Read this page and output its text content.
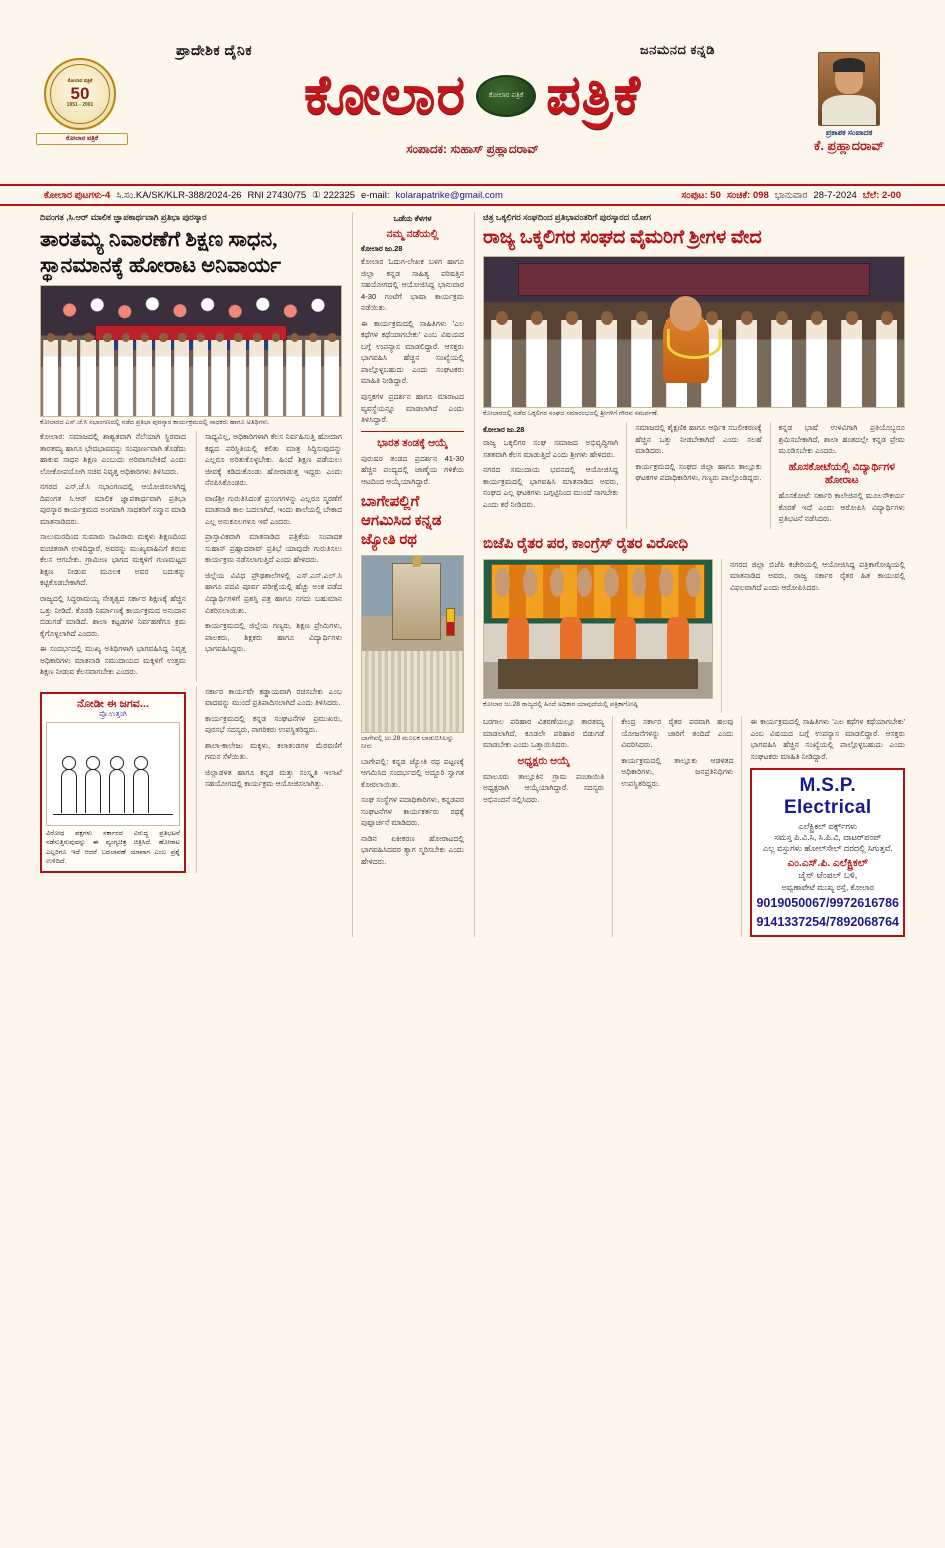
ಕೋಲಾರ ಪತ್ರಿಕೆ
50
1951 - 2001
ಕೋಲಾರ ಪತ್ರಿಕೆ
ಪ್ರಾದೇಶಿಕ ದೈನಿಕ	ಜನಮನದ ಕನ್ನಡಿ
ಕೋಲಾರ	ಕೋಲಾರ ಪತ್ರಿಕೆ ಪತ್ರಿಕೆ
ಸಂಪಾದಕ: ಸುಹಾಸ್ ಪ್ರಹ್ಲಾದರಾವ್
ಪ್ರಕಾಶಕ ಸಂಪಾದಕ
ಕೆ. ಪ್ರಹ್ಲಾದರಾವ್
ಕೋಲಾರ ಪುಟಗಳು-4 ಸಿ.ಸಂ.KA/SK/KLR-388/2024-26 RNI 27430/75 ① 222325 e-mail: kolarapatrike@gmail.com	ಸಂಪುಟ: 50 ಸಂಚಿಕೆ: 098 ಭಾನುವಾರ 28-7-2024 ಬೆಲೆ: 2-00
ದಿವಂಗತ ,ಸಿ.ಆರ್ ಮಾಲಿಕ ಜ್ಞಾಪಕಾರ್ಥವಾಗಿ ಪ್ರತಿಭಾ ಪುರಸ್ಕಾರ
ತಾರತಮ್ಯ ನಿವಾರಣೆಗೆ ಶಿಕ್ಷಣ ಸಾಧನ, ಸ್ಥಾನಮಾನಕ್ಕೆ ಹೋರಾಟ ಅನಿವಾರ್ಯ
ಕೋಲಾರದ ಎಸ್.ಜೆ.ಸಿ ಸಭಾಂಗಣದಲ್ಲಿ ನಡೆದ ಪ್ರತಿಭಾ ಪುರಸ್ಕಾರ ಕಾರ್ಯಕ್ರಮದಲ್ಲಿ ಸಾಧಕರು ಹಾಗೂ ಅತಿಥಿಗಳು.

ಕೋಲಾರ: ಸಮಾಜದಲ್ಲಿ ಶಾಶ್ವತವಾಗಿ ನೆಲೆಯಾಗಿ ಸ್ಥಿರವಾದ ತಾರತಮ್ಯ ಹಾಗೂ ಭೇದಭಾವವನ್ನು ಸಂಪೂರ್ಣವಾಗಿ ತೊಡೆದು ಹಾಕುವ ಸಾಧನ ಶಿಕ್ಷಣ ಎಂಬುದು ಅರಿವಾಗಬೇಕಿದೆ ಎಂದು ಲೋಕೋಪಯೋಗಿ ಸಚಿವ ನಿವೃತ್ತ ಅಧಿಕಾರಿಗಳು ತಿಳಿಸಿದರು.

ನಗರದ ಎಸ್.ಜೆ.ಸಿ ಸಭಾಂಗಣದಲ್ಲಿ ಆಯೋಜಿಸಲಾಗಿದ್ದ ದಿವಂಗತ ಸಿ.ಆರ್ ಮಾಲಿಕ ಜ್ಞಾಪಕಾರ್ಥವಾಗಿ ಪ್ರತಿಭಾ ಪುರಸ್ಕಾರ ಕಾರ್ಯಕ್ರಮದ ಅಂಗವಾಗಿ ಸಾಧಕರಿಗೆ ಸನ್ಮಾನ ಮಾಡಿ ಮಾತನಾಡಿದರು.

ಸಾಲುಮರದಿಂದ ಸುಮಾರು ಸಾವಿರಾರು ಮಕ್ಕಳು ಶಿಕ್ಷಣದಿಂದ ವಂಚಿತರಾಗಿ ಉಳಿದಿದ್ದಾರೆ, ಅವರನ್ನು ಮುಖ್ಯವಾಹಿನಿಗೆ ತರುವ ಕೆಲಸ ಆಗಬೇಕು. ಗ್ರಾಮೀಣ ಭಾಗದ ಮಕ್ಕಳಿಗೆ ಗುಣಮಟ್ಟದ ಶಿಕ್ಷಣ ನೀಡುವ ಮೂಲಕ ಅವರ ಬದುಕನ್ನು ಕಟ್ಟಿಕೊಡಬೇಕಾಗಿದೆ.

ರಾಜ್ಯದಲ್ಲಿ ಸಿದ್ಧರಾಮಯ್ಯ ನೇತೃತ್ವದ ಸರ್ಕಾರ ಶಿಕ್ಷಣಕ್ಕೆ ಹೆಚ್ಚಿನ ಒತ್ತು ನೀಡಿದೆ. ಕೊಠಡಿ ನಿರ್ಮಾಣಕ್ಕೆ ಕಾರ್ಯಕ್ರಮದ ಅನುದಾನ ಬಿಡುಗಡೆ ಮಾಡಿದೆ. ಶಾಲಾ ಕಟ್ಟಡಗಳ ನಿರ್ವಹಣೆಗೂ ಕ್ರಮ ಕೈಗೊಳ್ಳಲಾಗಿದೆ ಎಂದರು.

ಈ ಸಂದರ್ಭದಲ್ಲಿ ಮುಖ್ಯ ಅತಿಥಿಗಳಾಗಿ ಭಾಗವಹಿಸಿದ್ದ ನಿವೃತ್ತ ಅಧಿಕಾರಿಗಳು ಮಾತನಾಡಿ ಸಮುದಾಯದ ಮಕ್ಕಳಿಗೆ ಉತ್ತಮ ಶಿಕ್ಷಣ ನೀಡುವ ಕೆಲಸವಾಗಬೇಕು ಎಂದರು.

ಸಾಧ್ಯವಿಲ್ಲ, ಅಧಿಕಾರಿಗಳಾಗಿ ಕೆಲಸ ನಿರ್ವಹಿಸುತ್ತಿ ಹೋದಾಗ ಕಷ್ಟದ ಪರಿಸ್ಥಿತಿಯಲ್ಲಿ ಕಲಿತು ಮಾತ್ರ ಸಿದ್ಧಿಸುವುದನ್ನು ಎಲ್ಲರೂ ಅರಿತುಕೊಳ್ಳಬೇಕು. ಹಿಂದೆ ಶಿಕ್ಷಣ ಪಡೆಯಲು ಜೀವಕ್ಕೆ ಕಡಿದುಕೊಂಡು ಹೋರಾಡುತ್ತ ಇದ್ದರು ಎಂದು ನೆನಪಿಸಿಕೊಂಡರು.

ವಾಣಿಶ್ರೀ ಗುರುತಿಸಿದಂತೆ ಪ್ರಸಂಗಗಳನ್ನು ಎಲ್ಲರೂ ಸ್ಮರಣೆಗೆ ಮಾತನಾಡಿ ಕಾಲ ಬದಲಾಗಿದೆ, ಇಂದು ಶಾಲೆಯಲ್ಲಿ ಬೇಕಾದ ಎಲ್ಲ ಅನುಕೂಲಗಳೂ ಇವೆ ಎಂದರು.

ಪ್ರಾಸ್ತಾವಿಕವಾಗಿ ಮಾತನಾಡಿದ ಪತ್ರಿಕೆಯ ಸಂಪಾದಕ ಸುಹಾಸ್ ಪ್ರಹ್ಲಾದರಾವ್ ಪ್ರತಿಭೆ ಯಾವುದೇ ಗುರುತಿಸಲು ಕಾರ್ಯಕ್ರಮ ನಡೆಸಲಾಗುತ್ತಿದೆ ಎಂದು ಹೇಳಿದರು.

ಜಿಲ್ಲೆಯ ವಿವಿಧ ಪ್ರೌಢಶಾಲೆಗಳಲ್ಲಿ ಎಸ್.ಎಸ್.ಎಲ್.ಸಿ ಹಾಗೂ ಪದವಿ ಪೂರ್ವ ಪರೀಕ್ಷೆಯಲ್ಲಿ ಹೆಚ್ಚು ಅಂಕ ಪಡೆದ ವಿದ್ಯಾರ್ಥಿಗಳಿಗೆ ಪ್ರಶಸ್ತಿ ಪತ್ರ ಹಾಗೂ ನಗದು ಬಹುಮಾನ ವಿತರಿಸಲಾಯಿತು.

ಕಾರ್ಯಕ್ರಮದಲ್ಲಿ ಜಿಲ್ಲೆಯ ಗಣ್ಯರು, ಶಿಕ್ಷಣ ಪ್ರೇಮಿಗಳು, ಪಾಲಕರು, ಶಿಕ್ಷಕರು ಹಾಗೂ ವಿದ್ಯಾರ್ಥಿಗಳು ಭಾಗವಹಿಸಿದ್ದರು.

ನೋಡೀ ಈ ಜಗವ...
ಪ್ರೊ.ಉತ್ತಂಗಿ
ವಿರೋಧ ಪಕ್ಷಗಳು ಸರ್ಕಾರದ ವಿರುದ್ಧ ಪ್ರತಿಭಟನೆ ನಡೆಸುತ್ತಿರುವುದನ್ನು ಈ ವ್ಯಂಗ್ಯಚಿತ್ರ ಚಿತ್ರಿಸಿದೆ. ಹೋರಾಟ ಎಲ್ಲರಿಗೂ ಇದೆ ಆದರೆ ಬದಲಾವಣೆ ಯಾವಾಗ ಎಂಬ ಪ್ರಶ್ನೆ ಉಳಿದಿದೆ.

ಸರ್ಕಾರ ಕಾರ್ಯವೇ ಕಡ್ಡಾಯವಾಗಿ ರಚಿಸಬೇಕು ಎಂಬ ವಾದವನ್ನು ಮುಂದೆ ಪ್ರತಿಪಾದಿಸಲಾಗಿದೆ ಎಂದು ತಿಳಿಸಿದರು.

ಕಾರ್ಯಕ್ರಮದಲ್ಲಿ ಕನ್ನಡ ಸಂಘಟನೆಗಳ ಪ್ರಮುಖರು, ಪುರಸಭೆ ಸದಸ್ಯರು, ನಾಗರಿಕರು ಉಪಸ್ಥಿತರಿದ್ದರು.

ಶಾಲಾ-ಕಾಲೇಜು ಮಕ್ಕಳು, ಕಲಾತಂಡಗಳ ಮೆರವಣಿಗೆ ಗಮನ ಸೆಳೆಯಿತು.

ಜಿಲ್ಲಾಡಳಿತ ಹಾಗೂ ಕನ್ನಡ ಮತ್ತು ಸಂಸ್ಕೃತಿ ಇಲಾಖೆ ಸಹಯೋಗದಲ್ಲಿ ಕಾರ್ಯಕ್ರಮ ಆಯೋಜಿಸಲಾಗಿತ್ತು.

ಒಡೆಯ ಕೆಳಗಳ
ನಮ್ಮ ನಡೆಯಲ್ಲಿ
ಕೋಲಾರ ಜು.28

ಕೋಲಾರ ಓದುಗ-ಲೇಖಕ ಬಳಗ ಹಾಗೂ ಜಿಲ್ಲಾ ಕನ್ನಡ ಸಾಹಿತ್ಯ ಪರಿಷತ್ತಿನ ಸಹಯೋಗದಲ್ಲಿ ಆಯೋಜಿಸಿದ್ದ ಭಾನುವಾರ 4-30 ಗಂಟೆಗೆ ಭಾಷಾ ಕಾರ್ಯಕ್ರಮ ನಡೆಯಿತು.

ಈ ಕಾರ್ಯಕ್ರಮದಲ್ಲಿ ಸಾಹಿತಿಗಳು 'ಎಲ ಕಥೆಗಳ ಕಥೆಯಾಗಬೇಕು' ಎಂಬ ವಿಷಯದ ಬಗ್ಗೆ ಉಪನ್ಯಾಸ ಮಾಡಲಿದ್ದಾರೆ. ಆಸಕ್ತರು ಭಾಗವಹಿಸಿ ಹೆಚ್ಚಿನ ಸಂಖ್ಯೆಯಲ್ಲಿ ಪಾಲ್ಗೊಳ್ಳಬಹುದು ಎಂದು ಸಂಘಟಕರು ಮಾಹಿತಿ ನೀಡಿದ್ದಾರೆ.

ಪುಸ್ತಕಗಳ ಪ್ರದರ್ಶನ ಹಾಗೂ ಮಾರಾಟದ ವ್ಯವಸ್ಥೆಯನ್ನೂ ಮಾಡಲಾಗಿದೆ ಎಂದು ತಿಳಿಸಿದ್ದಾರೆ.

ಭಾರತ ತಂಡಕ್ಕೆ ಆಯ್ಕೆ

ಪುರುಷರ ತಂಡದ ಪ್ರದರ್ಶನ 41-30 ಹೆಚ್ಚಿನ ಪಂದ್ಯದಲ್ಲಿ ಜಾಣ್ಮೆಯ ಗಳಿಕೆಯ ಆಟದಿಂದ ಆಯ್ಕೆಯಾಗಿದ್ದಾರೆ.

ಬಾಗೇಪಲ್ಲಿಗೆ ಆಗಮಿಸಿದ ಕನ್ನಡ ಜ್ಯೋತಿ ರಥ
ಬಾಗೇಪಲ್ಲಿ ಜು.28 ಮೂಲಕ ಬಾಡುಬಿಸಿಲನ್ನು ನೀರು

ಬಾಗೇಪಲ್ಲಿ: ಕನ್ನಡ ಜ್ಯೋತಿ ರಥ ಪಟ್ಟಣಕ್ಕೆ ಆಗಮಿಸಿದ ಸಂದರ್ಭದಲ್ಲಿ ಅದ್ದೂರಿ ಸ್ವಾಗತ ಕೋರಲಾಯಿತು.

ಸಂಘ ಸಂಸ್ಥೆಗಳ ಪದಾಧಿಕಾರಿಗಳು, ಕನ್ನಡಪರ ಸಂಘಟನೆಗಳ ಕಾರ್ಯಕರ್ತರು ರಥಕ್ಕೆ ಪುಷ್ಪಾರ್ಚನೆ ಮಾಡಿದರು.

ನಾಡಿನ ಏಕೀಕರಣ ಹೋರಾಟದಲ್ಲಿ ಭಾಗವಹಿಸಿದವರ ತ್ಯಾಗ ಸ್ಮರಿಸಬೇಕು ಎಂದು ಹೇಳಿದರು.

ಚಿತ್ರ ಒಕ್ಕಲಿಗರ ಸಂಘದಿಂದ ಪ್ರತಿಭಾವಂತರಿಗೆ ಪುರಸ್ಕಾರದ ಯೋಗ
ರಾಜ್ಯ ಒಕ್ಕಲಿಗರ ಸಂಘದ ವೈಮರಿಗೆ ಶ್ರೀಗಳ ವೇದ
ಕೋಲಾರದಲ್ಲಿ ನಡೆದ ಒಕ್ಕಲಿಗರ ಸಂಘದ ಸಮಾರಂಭದಲ್ಲಿ ಶ್ರೀಗಳಿಗೆ ಗೌರವ ಸಮರ್ಪಣೆ.
ಕೋಲಾರ ಜು.28

ರಾಜ್ಯ ಒಕ್ಕಲಿಗರ ಸಂಘ ಸಮಾಜದ ಅಭಿವೃದ್ಧಿಗಾಗಿ ಸತತವಾಗಿ ಕೆಲಸ ಮಾಡುತ್ತಿದೆ ಎಂದು ಶ್ರೀಗಳು ಹೇಳಿದರು.

ನಗರದ ಸಮುದಾಯ ಭವನದಲ್ಲಿ ಆಯೋಜಿಸಿದ್ದ ಕಾರ್ಯಕ್ರಮದಲ್ಲಿ ಭಾಗವಹಿಸಿ ಮಾತನಾಡಿದ ಅವರು, ಸಂಘದ ಎಲ್ಲ ಘಟಕಗಳು ಒಗ್ಗಟ್ಟಿನಿಂದ ಮುಂದೆ ಸಾಗಬೇಕು ಎಂದು ಕರೆ ನೀಡಿದರು.

ಸಮಾಜದಲ್ಲಿ ಶೈಕ್ಷಣಿಕ ಹಾಗೂ ಆರ್ಥಿಕ ಸಬಲೀಕರಣಕ್ಕೆ ಹೆಚ್ಚಿನ ಒತ್ತು ನೀಡಬೇಕಾಗಿದೆ ಎಂದು ಸಲಹೆ ಮಾಡಿದರು.

ಕಾರ್ಯಕ್ರಮದಲ್ಲಿ ಸಂಘದ ಜಿಲ್ಲಾ ಹಾಗೂ ತಾಲ್ಲೂಕು ಘಟಕಗಳ ಪದಾಧಿಕಾರಿಗಳು, ಗಣ್ಯರು ಪಾಲ್ಗೊಂಡಿದ್ದರು.

ಕನ್ನಡ ಭಾಷೆ ಉಳಿವಿಗಾಗಿ ಪ್ರತಿಯೊಬ್ಬರೂ ಶ್ರಮಿಸಬೇಕಾಗಿದೆ, ಶಾಲಾ ಹಂತದಲ್ಲೇ ಕನ್ನಡ ಪ್ರೇಮ ಮೂಡಿಸಬೇಕು ಎಂದರು.

ಹೊಸಕೋಟೆಯಲ್ಲಿ ವಿದ್ಯಾರ್ಥಿಗಳ ಹೋರಾಟ

ಹೊಸಕೋಟೆ: ಸರ್ಕಾರಿ ಕಾಲೇಜಿನಲ್ಲಿ ಮೂಲಸೌಕರ್ಯ ಕೊರತೆ ಇದೆ ಎಂದು ಆರೋಪಿಸಿ ವಿದ್ಯಾರ್ಥಿಗಳು ಪ್ರತಿಭಟನೆ ನಡೆಸಿದರು.

ಬಿಜೆಪಿ ರೈತರ ಪರ, ಕಾಂಗ್ರೆಸ್ ರೈತರ ವಿರೋಧಿ
ಕೋಲಾರ ಜು.28 ರಾಜ್ಯದಲ್ಲಿ ಹಿಂದೆ ಅಧಿಕಾರ ಯಾವುದೆಯಲ್ಲಿ ಪತ್ರಿಕಾಗೋಷ್ಠಿ

ನಗರದ ಜಿಲ್ಲಾ ಬಿಜೆಪಿ ಕಚೇರಿಯಲ್ಲಿ ಆಯೋಜಿಸಿದ್ದ ಪತ್ರಿಕಾಗೋಷ್ಠಿಯಲ್ಲಿ ಮಾತನಾಡಿದ ಅವರು, ರಾಜ್ಯ ಸರ್ಕಾರ ರೈತರ ಹಿತ ಕಾಯುವಲ್ಲಿ ವಿಫಲವಾಗಿದೆ ಎಂದು ಆರೋಪಿಸಿದರು.

ಬರಗಾಲ ಪರಿಹಾರ ವಿತರಣೆಯಲ್ಲೂ ತಾರತಮ್ಯ ಮಾಡಲಾಗಿದೆ, ಕೂಡಲೇ ಪರಿಹಾರ ಬಿಡುಗಡೆ ಮಾಡಬೇಕು ಎಂದು ಒತ್ತಾಯಿಸಿದರು.

ಅಧ್ಯಕ್ಷರು ಆಯ್ಕೆ

ಮಾಲೂರು ತಾಲ್ಲೂಕಿನ ಗ್ರಾಮ ಪಂಚಾಯಿತಿ ಅಧ್ಯಕ್ಷರಾಗಿ ಆಯ್ಕೆಯಾಗಿದ್ದಾರೆ. ಸದಸ್ಯರು ಅಭಿನಂದನೆ ಸಲ್ಲಿಸಿದರು.

ಕೇಂದ್ರ ಸರ್ಕಾರ ರೈತರ ಪರವಾಗಿ ಹಲವು ಯೋಜನೆಗಳನ್ನು ಜಾರಿಗೆ ತಂದಿದೆ ಎಂದು ವಿವರಿಸಿದರು.

ಕಾರ್ಯಕ್ರಮದಲ್ಲಿ ತಾಲ್ಲೂಕು ಆಡಳಿತದ ಅಧಿಕಾರಿಗಳು, ಜನಪ್ರತಿನಿಧಿಗಳು ಉಪಸ್ಥಿತರಿದ್ದರು.

ಈ ಕಾರ್ಯಕ್ರಮದಲ್ಲಿ ಸಾಹಿತಿಗಳು 'ಎಲ ಕಥೆಗಳ ಕಥೆಯಾಗಬೇಕು' ಎಂಬ ವಿಷಯದ ಬಗ್ಗೆ ಉಪನ್ಯಾಸ ಮಾಡಲಿದ್ದಾರೆ. ಆಸಕ್ತರು ಭಾಗವಹಿಸಿ ಹೆಚ್ಚಿನ ಸಂಖ್ಯೆಯಲ್ಲಿ ಪಾಲ್ಗೊಳ್ಳಬಹುದು ಎಂದು ಸಂಘಟಕರು ಮಾಹಿತಿ ನೀಡಿದ್ದಾರೆ.

M.S.P. Electrical
ಎಲೆಕ್ಟ್ರಿಕಲ್ ವರ್ಕ್ಸ್‌ಗಳು
ಸಮಸ್ತ ಪಿ.ವಿ.ಸಿ, ಸಿ.ಪಿ.ವಿ, ವಾಟರ್‌ಪಂಪ್
ಎಲ್ಲ ವಸ್ತುಗಳು ಹೋಲ್‌ಸೇಲ್ ದರದಲ್ಲಿ ಸಿಗುತ್ತವೆ.
ಎಂ.ಎಸ್.ಪಿ. ಎಲೆಕ್ಟ್ರಿಕಲ್
ಜೈನ್ ಟೆಂಪಲ್ ಬಳಿ,
ಅವ್ವಣಾಪೇಟೆ ಮುಖ್ಯ ರಸ್ತೆ, ಕೋಲಾರ
9019050067/9972616786
9141337254/7892068764
